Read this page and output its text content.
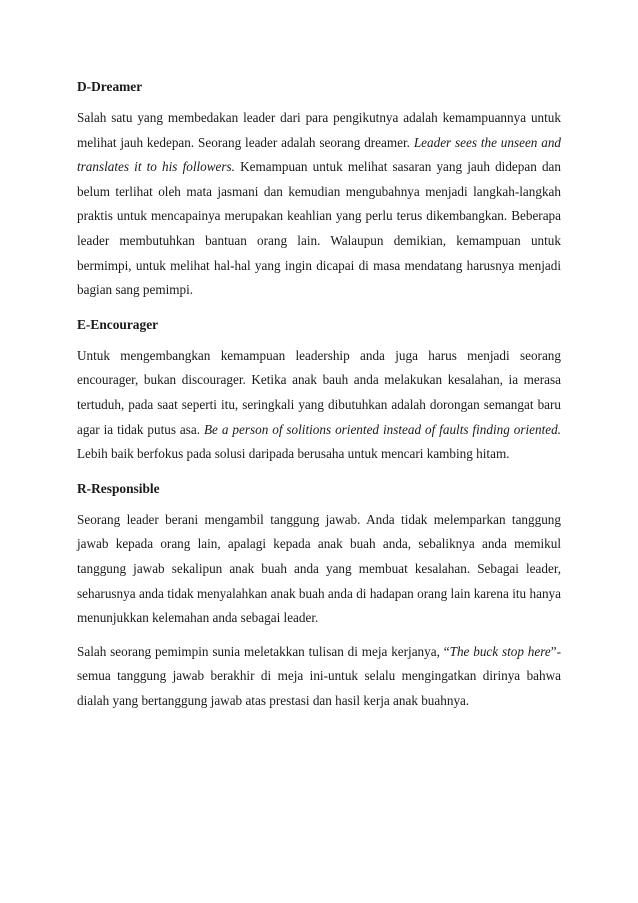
D-Dreamer

Salah satu yang membedakan leader dari para pengikutnya adalah kemampuannya untuk melihat jauh kedepan. Seorang leader adalah seorang dreamer. Leader sees the unseen and translates it to his followers. Kemampuan untuk melihat sasaran yang jauh didepan dan belum terlihat oleh mata jasmani dan kemudian mengubahnya menjadi langkah-langkah praktis untuk mencapainya merupakan keahlian yang perlu terus dikembangkan. Beberapa leader membutuhkan bantuan orang lain. Walaupun demikian, kemampuan untuk bermimpi, untuk melihat hal-hal yang ingin dicapai di masa mendatang harusnya menjadi bagian sang pemimpi.

E-Encourager

Untuk mengembangkan kemampuan leadership anda juga harus menjadi seorang encourager, bukan discourager. Ketika anak bauh anda melakukan kesalahan, ia merasa tertuduh, pada saat seperti itu, seringkali yang dibutuhkan adalah dorongan semangat baru agar ia tidak putus asa. Be a person of solitions oriented instead of faults finding oriented. Lebih baik berfokus pada solusi daripada berusaha untuk mencari kambing hitam.

R-Responsible

Seorang leader berani mengambil tanggung jawab. Anda tidak melemparkan tanggung jawab kepada orang lain, apalagi kepada anak buah anda, sebaliknya anda memikul tanggung jawab sekalipun anak buah anda yang membuat kesalahan. Sebagai leader, seharusnya anda tidak menyalahkan anak buah anda di hadapan orang lain karena itu hanya menunjukkan kelemahan anda sebagai leader.

Salah seorang pemimpin sunia meletakkan tulisan di meja kerjanya, “The buck stop here”-semua tanggung jawab berakhir di meja ini-untuk selalu mengingatkan dirinya bahwa dialah yang bertanggung jawab atas prestasi dan hasil kerja anak buahnya.
